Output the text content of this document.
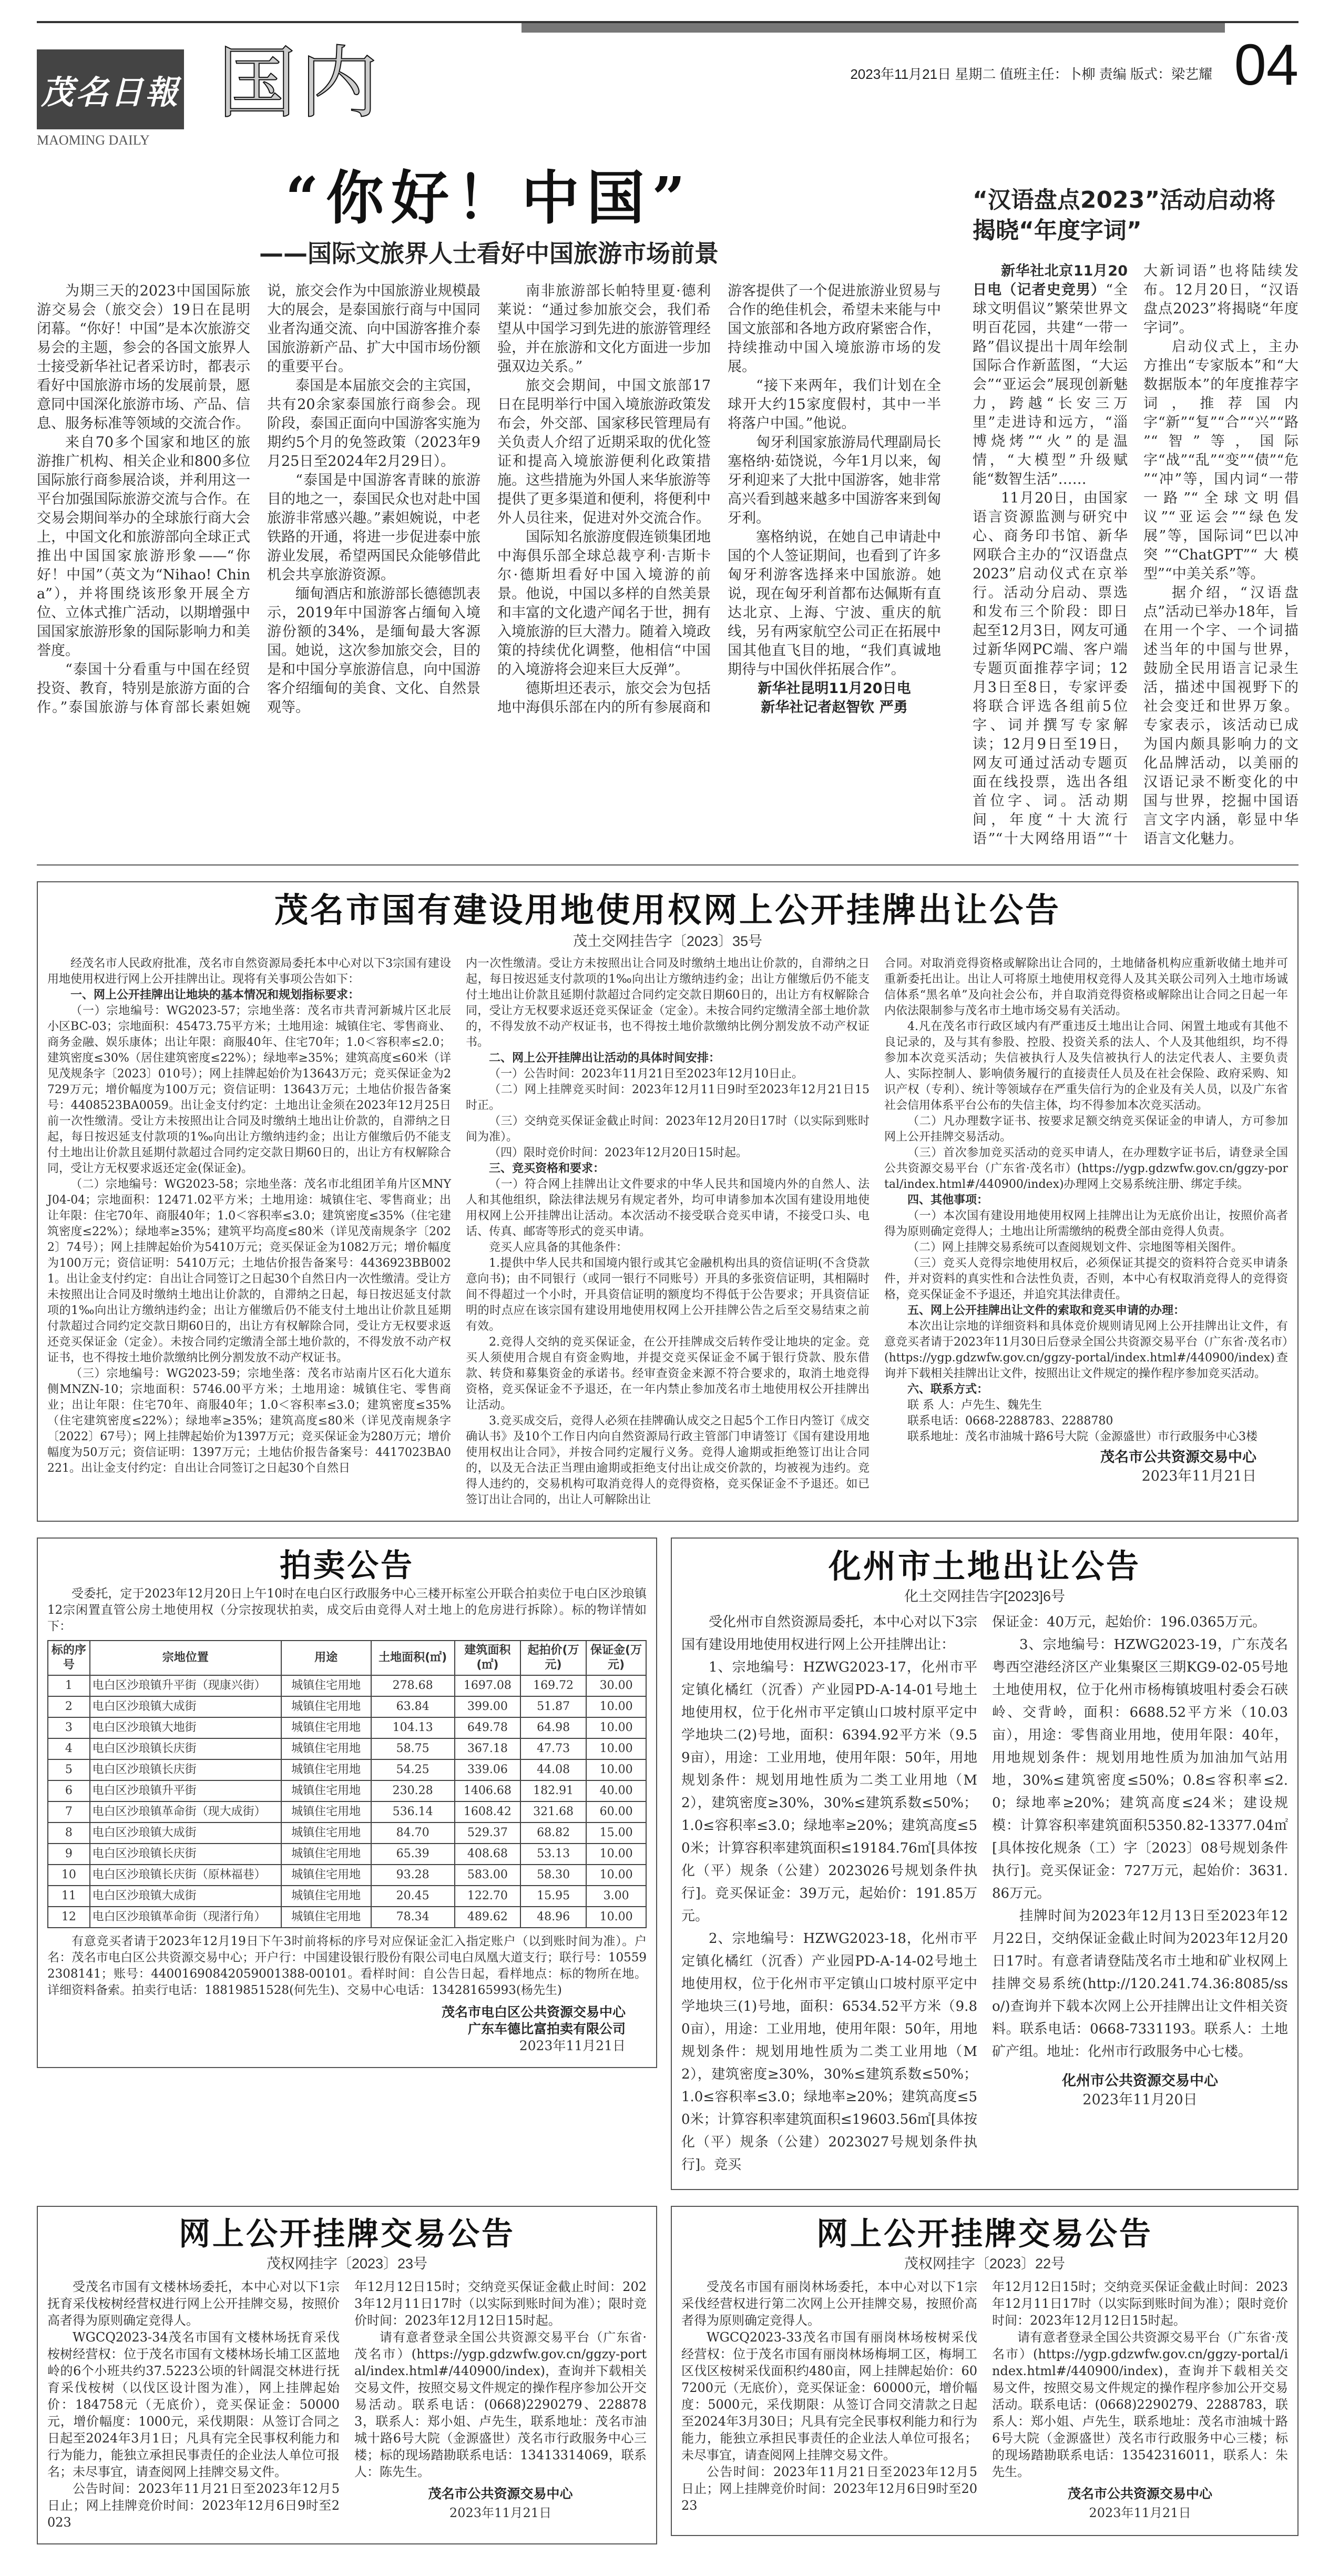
茂名日報
MAOMING DAILY
国内	2023年11月21日 星期二 值班主任：卜柳 责编 版式：梁艺耀 04
“你好！中国”
——国际文旅界人士看好中国旅游市场前景

为期三天的2023中国国际旅游交易会（旅交会）19日在昆明闭幕。“你好！中国”是本次旅游交易会的主题，参会的各国文旅界人士接受新华社记者采访时，都表示看好中国旅游市场的发展前景，愿意同中国深化旅游市场、产品、信息、服务标准等领域的交流合作。

来自70多个国家和地区的旅游推广机构、相关企业和800多位国际旅行商参展洽谈，并利用这一平台加强国际旅游交流与合作。在交易会期间举办的全球旅行商大会上，中国文化和旅游部向全球正式推出中国国家旅游形象——“你好！中国”（英文为“Nihao! China”），并将围绕该形象开展全方位、立体式推广活动，以期增强中国国家旅游形象的国际影响力和美誉度。

“泰国十分看重与中国在经贸投资、教育，特别是旅游方面的合作。”泰国旅游与体育部长素妲婉说，旅交会作为中国旅游业规模最大的展会，是泰国旅行商与中国同业者沟通交流、向中国游客推介泰国旅游新产品、扩大中国市场份额的重要平台。

泰国是本届旅交会的主宾国，共有20余家泰国旅行商参会。现阶段，泰国正面向中国游客实施为期约5个月的免签政策（2023年9月25日至2024年2月29日）。

“泰国是中国游客青睐的旅游目的地之一，泰国民众也对赴中国旅游非常感兴趣。”素妲婉说，中老铁路的开通，将进一步促进泰中旅游业发展，希望两国民众能够借此机会共享旅游资源。

缅甸酒店和旅游部长德德凯表示，2019年中国游客占缅甸入境游份额的34%，是缅甸最大客源国。她说，这次参加旅交会，目的是和中国分享旅游信息，向中国游客介绍缅甸的美食、文化、自然景观等。

南非旅游部长帕特里夏·德利莱说：“通过参加旅交会，我们希望从中国学习到先进的旅游管理经验，并在旅游和文化方面进一步加强双边关系。”

旅交会期间，中国文旅部17日在昆明举行中国入境旅游政策发布会，外交部、国家移民管理局有关负责人介绍了近期采取的优化签证和提高入境旅游便利化政策措施。这些措施为外国人来华旅游等提供了更多渠道和便利，将便利中外人员往来，促进对外交流合作。

国际知名旅游度假连锁集团地中海俱乐部全球总裁亨利·吉斯卡尔·德斯坦看好中国入境游的前景。他说，中国以多样的自然美景和丰富的文化遗产闻名于世，拥有入境旅游的巨大潜力。随着入境政策的持续优化调整，他相信“中国的入境游将会迎来巨大反弹”。

德斯坦还表示，旅交会为包括地中海俱乐部在内的所有参展商和游客提供了一个促进旅游业贸易与合作的绝佳机会，希望未来能与中国文旅部和各地方政府紧密合作，持续推动中国入境旅游市场的发展。

“接下来两年，我们计划在全球开大约15家度假村，其中一半将落户中国。”他说。

匈牙利国家旅游局代理副局长塞格纳·茹饶说，今年1月以来，匈牙利迎来了大批中国游客，她非常高兴看到越来越多中国游客来到匈牙利。

塞格纳说，在她自己申请赴中国的个人签证期间，也看到了许多匈牙利游客选择来中国旅游。她说，现在匈牙利首都布达佩斯有直达北京、上海、宁波、重庆的航线，另有两家航空公司正在拓展中国其他直飞目的地，“我们真诚地期待与中国伙伴拓展合作”。

新华社昆明11月20日电

新华社记者赵智钦 严勇

“汉语盘点2023”活动启动将揭晓“年度字词”

新华社北京11月20日电（记者史竞男）“全球文明倡议”繁荣世界文明百花园，共建“一带一路”倡议提出十周年绘制国际合作新蓝图，“大运会”“亚运会”展现创新魅力，跨越“长安三万里”走进诗和远方，“淄博烧烤”“火”的是温情，“大模型”升级赋能“数智生活”……

11月20日，由国家语言资源监测与研究中心、商务印书馆、新华网联合主办的“汉语盘点2023”启动仪式在京举行。活动分启动、票选和发布三个阶段：即日起至12月3日，网友可通过新华网PC端、客户端专题页面推荐字词；12月3日至8日，专家评委将联合评选各组前5位字、词并撰写专家解读；12月9日至19日，网友可通过活动专题页面在线投票，选出各组首位字、词。活动期间，年度“十大流行语”“十大网络用语”“十大新词语”也将陆续发布。12月20日，“汉语盘点2023”将揭晓“年度字词”。

启动仪式上，主办方推出“专家版本”和“大数据版本”的年度推荐字词，推荐国内字“新”“复”“合”“兴”“路”“智”等，国际字“战”“乱”“变”“债”“危”“冲”等，国内词“一带一路”“全球文明倡议”“亚运会”“绿色发展”等，国际词“巴以冲突”“ChatGPT”“大模型”“中美关系”等。

据介绍，“汉语盘点”活动已举办18年，旨在用一个字、一个词描述当年的中国与世界，鼓励全民用语言记录生活，描述中国视野下的社会变迁和世界万象。专家表示，该活动已成为国内颇具影响力的文化品牌活动，以美丽的汉语记录不断变化的中国与世界，挖掘中国语言文字内涵，彰显中华语言文化魅力。

茂名市国有建设用地使用权网上公开挂牌出让公告
茂土交网挂告字〔2023〕35号

经茂名市人民政府批准，茂名市自然资源局委托本中心对以下3宗国有建设用地使用权进行网上公开挂牌出让。现将有关事项公告如下：

一、网上公开挂牌出让地块的基本情况和规划指标要求：

（一）宗地编号：WG2023-57；宗地坐落：茂名市共青河新城片区北辰小区BC-03；宗地面积：45473.75平方米；土地用途：城镇住宅、零售商业、商务金融、娱乐康体；出让年限：商服40年、住宅70年；1.0＜容积率≤2.0；建筑密度≤30%（居住建筑密度≤22%）；绿地率≥35%；建筑高度≤60米（详见茂规条字〔2023〕010号）；网上挂牌起始价为13643万元；竞买保证金为2729万元；增价幅度为100万元；资信证明：13643万元；土地估价报告备案号：4408523BA0059。出让金支付约定：土地出让金须在2023年12月25日前一次性缴清。受让方未按照出让合同及时缴纳土地出让价款的，自滞纳之日起，每日按迟延支付款项的1‰向出让方缴纳违约金；出让方催缴后仍不能支付土地出让价款且延期付款超过合同约定交款日期60日的，出让方有权解除合同，受让方无权要求返还定金(保证金)。

（二）宗地编号：WG2023-58；宗地坐落：茂名市北组团羊角片区MNYJ04-04；宗地面积：12471.02平方米；土地用途：城镇住宅、零售商业；出让年限：住宅70年、商服40年；1.0＜容积率≤3.0；建筑密度≤35%（住宅建筑密度≤22%）；绿地率≥35%；建筑平均高度≤80米（详见茂南规条字〔2022〕74号）；网上挂牌起始价为5410万元；竞买保证金为1082万元；增价幅度为100万元；资信证明：5410万元；土地估价报告备案号：4436923BB0021。出让金支付约定：自出让合同签订之日起30个自然日内一次性缴清。受让方未按照出让合同及时缴纳土地出让价款的，自滞纳之日起，每日按迟延支付款项的1‰向出让方缴纳违约金；出让方催缴后仍不能支付土地出让价款且延期付款超过合同约定交款日期60日的，出让方有权解除合同，受让方无权要求返还竞买保证金（定金）。未按合同约定缴清全部土地价款的，不得发放不动产权证书，也不得按土地价款缴纳比例分割发放不动产权证书。

（三）宗地编号：WG2023-59；宗地坐落：茂名市站南片区石化大道东侧MNZN-10；宗地面积：5746.00平方米；土地用途：城镇住宅、零售商业；出让年限：住宅70年、商服40年；1.0＜容积率≤3.0；建筑密度≤35%（住宅建筑密度≤22%）；绿地率≥35%；建筑高度≤80米（详见茂南规条字〔2022〕67号）；网上挂牌起始价为1397万元；竞买保证金为280万元；增价幅度为50万元；资信证明：1397万元；土地估价报告备案号：4417023BA0221。出让金支付约定：自出让合同签订之日起30个自然日

内一次性缴清。受让方未按照出让合同及时缴纳土地出让价款的，自滞纳之日起，每日按迟延支付款项的1‰向出让方缴纳违约金；出让方催缴后仍不能支付土地出让价款且延期付款超过合同约定交款日期60日的，出让方有权解除合同，受让方无权要求返还竞买保证金（定金）。未按合同约定缴清全部土地价款的，不得发放不动产权证书，也不得按土地价款缴纳比例分割发放不动产权证书。

二、网上公开挂牌出让活动的具体时间安排：

（一）公告时间：2023年11月21日至2023年12月10日止。

（二）网上挂牌竞买时间：2023年12月11日9时至2023年12月21日15时正。

（三）交纳竞买保证金截止时间：2023年12月20日17时（以实际到账时间为准）。

（四）限时竞价时间：2023年12月20日15时起。

三、竞买资格和要求：

（一）符合网上挂牌出让文件要求的中华人民共和国境内外的自然人、法人和其他组织，除法律法规另有规定者外，均可申请参加本次国有建设用地使用权网上公开挂牌出让活动。本次活动不接受联合竞买申请，不接受口头、电话、传真、邮寄等形式的竞买申请。

竞买人应具备的其他条件：

1.提供中华人民共和国境内银行或其它金融机构出具的资信证明(不含贷款意向书)；由不同银行（或同一银行不同账号）开具的多张资信证明，其相隔时间不得超过一个小时，开具资信证明的额度均不得低于公告要求；开具资信证明的时点应在该宗国有建设用地使用权网上公开挂牌公告之后至交易结束之前有效。

2.竞得人交纳的竞买保证金，在公开挂牌成交后转作受让地块的定金。竞买人须使用合规自有资金购地，并提交竞买保证金不属于银行贷款、股东借款、转贷和募集资金的承诺书。经审查资金来源不符合要求的，取消土地竞得资格，竞买保证金不予退还，在一年内禁止参加茂名市土地使用权公开挂牌出让活动。

3.竞买成交后，竞得人必须在挂牌确认成交之日起5个工作日内签订《成交确认书》及10个工作日内向自然资源局行政主管部门申请签订《国有建设用地使用权出让合同》，并按合同约定履行义务。竞得人逾期或拒绝签订出让合同的，以及无合法正当理由逾期或拒绝支付出让成交价款的，均被视为违约。竞得人违约的，交易机构可取消竞得人的竞得资格，竞买保证金不予退还。如已签订出让合同的，出让人可解除出让

合同。对取消竞得资格或解除出让合同的，土地储备机构应重新收储土地并可重新委托出让。出让人可将原土地使用权竞得人及其关联公司列入土地市场诚信体系“黑名单”及向社会公布，并自取消竞得资格或解除出让合同之日起一年内依法限制参与茂名市土地市场交易有关活动。

4.凡在茂名市行政区域内有严重违反土地出让合同、闲置土地或有其他不良记录的，及与其有参股、控股、投资关系的法人、个人及其他组织，均不得参加本次竞买活动；失信被执行人及失信被执行人的法定代表人、主要负责人、实际控制人、影响债务履行的直接责任人员及在社会保险、政府采购、知识产权（专利）、统计等领域存在严重失信行为的企业及有关人员，以及广东省社会信用体系平台公布的失信主体，均不得参加本次竞买活动。

（二）凡办理数字证书、按要求足额交纳竞买保证金的申请人，方可参加网上公开挂牌交易活动。

（三）首次参加竞买活动的竞买申请人，在办理数字证书后，请登录全国公共资源交易平台（广东省·茂名市）(https://ygp.gdzwfw.gov.cn/ggzy-portal/index.html#/440900/index)办理网上交易系统注册、绑定手续。

四、其他事项：

（一）本次国有建设用地使用权网上挂牌出让为无底价出让，按照价高者得为原则确定竞得人；土地出让所需缴纳的税费全部由竞得人负责。

（二）网上挂牌交易系统可以查阅规划文件、宗地图等相关图件。

（三）竞买人竞得宗地使用权后，必须保证其提交的资料符合竞买申请条件，并对资料的真实性和合法性负责，否则，本中心有权取消竞得人的竞得资格，竞买保证金不予退还，并追究其法律责任。

五、网上公开挂牌出让文件的索取和竞买申请的办理：

本次出让宗地的详细资料和具体竞价规则请见网上公开挂牌出让文件，有意竞买者请于2023年11月30日后登录全国公共资源交易平台（广东省·茂名市）(https://ygp.gdzwfw.gov.cn/ggzy-portal/index.html#/440900/index)查询并下载相关挂牌出让文件，按照出让文件规定的操作程序参加竞买活动。

六、联系方式：

联 系 人：卢先生、魏先生

联系电话：0668-2288783、2288780

联系地址：茂名市油城十路6号大院（金源盛世）市行政服务中心3楼

茂名市公共资源交易中心
2023年11月21日
拍卖公告

受委托，定于2023年12月20日上午10时在电白区行政服务中心三楼开标室公开联合拍卖位于电白区沙琅镇12宗闲置直管公房土地使用权（分宗按现状拍卖，成交后由竞得人对土地上的危房进行拆除）。标的物详情如下：

标的序号	宗地位置	用途	土地面积(㎡)	建筑面积(㎡)	起拍价(万元)	保证金(万元)
1	电白区沙琅镇升平街（现康兴街）	城镇住宅用地	278.68	1697.08	169.72	30.00
2	电白区沙琅镇大成街	城镇住宅用地	63.84	399.00	51.87	10.00
3	电白区沙琅镇大地街	城镇住宅用地	104.13	649.78	64.98	10.00
4	电白区沙琅镇长庆街	城镇住宅用地	58.75	367.18	47.73	10.00
5	电白区沙琅镇长庆街	城镇住宅用地	54.25	339.06	44.08	10.00
6	电白区沙琅镇升平街	城镇住宅用地	230.28	1406.68	182.91	40.00
7	电白区沙琅镇革命街（现大成街）	城镇住宅用地	536.14	1608.42	321.68	60.00
8	电白区沙琅镇大成街	城镇住宅用地	84.70	529.37	68.82	15.00
9	电白区沙琅镇长庆街	城镇住宅用地	65.39	408.68	53.13	10.00
10	电白区沙琅镇长庆街（原林福巷）	城镇住宅用地	93.28	583.00	58.30	10.00
11	电白区沙琅镇大成街	城镇住宅用地	20.45	122.70	15.95	3.00
12	电白区沙琅镇革命街（现渚行角）	城镇住宅用地	78.34	489.62	48.96	10.00

有意竞买者请于2023年12月19日下午3时前将标的序号对应保证金汇入指定账户（以到账时间为准）。户名：茂名市电白区公共资源交易中心；开户行：中国建设银行股份有限公司电白凤凰大道支行；联行号：105592308141；账号：44001690842059001388-00101。看样时间：自公告日起，看样地点：标的物所在地。详细资料备索。拍卖行电话：18819851528(何先生)、交易中心电话：13428165993(杨先生)

茂名市电白区公共资源交易中心
广东车德比富拍卖有限公司
2023年11月21日
化州市土地出让公告
化土交网挂告字[2023]6号

受化州市自然资源局委托，本中心对以下3宗国有建设用地使用权进行网上公开挂牌出让：

1、宗地编号：HZWG2023-17，化州市平定镇化橘红（沉香）产业园PD-A-14-01号地土地使用权，位于化州市平定镇山口坡村原平定中学地块二(2)号地，面积：6394.92平方米（9.59亩），用途：工业用地，使用年限：50年，用地规划条件：规划用地性质为二类工业用地（M2），建筑密度≥30%，30%≤建筑系数≤50%；1.0≤容积率≤3.0；绿地率≥20%；建筑高度≤50米；计算容积率建筑面积≤19184.76㎡[具体按化（平）规条（公建）2023026号规划条件执行]。竞买保证金：39万元，起始价：191.85万元。

2、宗地编号：HZWG2023-18，化州市平定镇化橘红（沉香）产业园PD-A-14-02号地土地使用权，位于化州市平定镇山口坡村原平定中学地块三(1)号地，面积：6534.52平方米（9.80亩），用途：工业用地，使用年限：50年，用地规划条件：规划用地性质为二类工业用地（M2），建筑密度≥30%，30%≤建筑系数≤50%；1.0≤容积率≤3.0；绿地率≥20%；建筑高度≤50米；计算容积率建筑面积≤19603.56㎡[具体按化（平）规条（公建）2023027号规划条件执行]。竞买

保证金：40万元，起始价：196.0365万元。

3、宗地编号：HZWG2023-19，广东茂名粤西空港经济区产业集聚区三期KG9-02-05号地土地使用权，位于化州市杨梅镇坡咀村委会石硖岭、交背岭，面积：6688.52平方米（10.03亩），用途：零售商业用地，使用年限：40年，用地规划条件：规划用地性质为加油加气站用地，30%≤建筑密度≤50%；0.8≤容积率≤2.0；绿地率≥20%；建筑高度≤24米；建设规模：计算容积率建筑面积5350.82-13377.04㎡[具体按化规条（工）字〔2023〕08号规划条件执行]。竞买保证金：727万元，起始价：3631.86万元。

挂牌时间为2023年12月13日至2023年12月22日，交纳保证金截止时间为2023年12月20日17时。有意者请登陆茂名市土地和矿业权网上挂牌交易系统(http://120.241.74.36:8085/sso/)查询并下载本次网上公开挂牌出让文件相关资料。联系电话：0668-7331193。联系人：土地矿产组。地址：化州市行政服务中心七楼。

化州市公共资源交易中心
2023年11月20日
网上公开挂牌交易公告
茂权网挂字〔2023〕23号

受茂名市国有文楼林场委托，本中心对以下1宗抚育采伐桉树经营权进行网上公开挂牌交易，按照价高者得为原则确定竞得人。

WGCQ2023-34茂名市国有文楼林场抚育采伐桉树经营权：位于茂名市国有文楼林场长埔工区蓝地岭的6个小班共约37.5223公顷的针阔混交林进行抚育采伐桉树（以伐区设计图为准），网上挂牌起始价：184758元（无底价），竞买保证金：50000元，增价幅度：1000元，采伐期限：从签订合同之日起至2024年3月1日；凡具有完全民事权利能力和行为能力，能独立承担民事责任的企业法人单位可报名；未尽事宜，请查阅网上挂牌交易文件。

公告时间：2023年11月21日至2023年12月5日止；网上挂牌竞价时间：2023年12月6日9时至2023

年12月12日15时；交纳竞买保证金截止时间：2023年12月11日17时（以实际到账时间为准）；限时竞价时间：2023年12月12日15时起。

请有意者登录全国公共资源交易平台（广东省·茂名市）(https://ygp.gdzwfw.gov.cn/ggzy-portal/index.html#/440900/index)，查询并下载相关交易文件，按照交易文件规定的操作程序参加公开交易活动。联系电话：(0668)2290279、2288783，联系人：郑小姐、卢先生，联系地址：茂名市油城十路6号大院（金源盛世）茂名市行政服务中心三楼；标的现场踏勘联系电话：13413314069，联系人：陈先生。

茂名市公共资源交易中心
2023年11月21日
网上公开挂牌交易公告
茂权网挂字〔2023〕22号

受茂名市国有丽岗林场委托，本中心对以下1宗采伐经营权进行第二次网上公开挂牌交易，按照价高者得为原则确定竞得人。

WGCQ2023-33茂名市国有丽岗林场桉树采伐经营权：位于茂名市国有丽岗林场梅垌工区，梅垌工区伐区桉树采伐面积约480亩，网上挂牌起始价：607200元（无底价），竞买保证金：60000元，增价幅度：5000元，采伐期限：从签订合同交清款之日起至2024年3月30日；凡具有完全民事权利能力和行为能力，能独立承担民事责任的企业法人单位可报名；未尽事宜，请查阅网上挂牌交易文件。

公告时间：2023年11月21日至2023年12月5日止；网上挂牌竞价时间：2023年12月6日9时至2023

年12月12日15时；交纳竞买保证金截止时间：2023年12月11日17时（以实际到账时间为准）；限时竞价时间：2023年12月12日15时起。

请有意者登录全国公共资源交易平台（广东省·茂名市）(https://ygp.gdzwfw.gov.cn/ggzy-portal/index.html#/440900/index)，查询并下载相关交易文件，按照交易文件规定的操作程序参加公开交易活动。联系电话：(0668)2290279、2288783，联系人：郑小姐、卢先生，联系地址：茂名市油城十路6号大院（金源盛世）茂名市行政服务中心三楼；标的现场踏勘联系电话：13542316011，联系人：朱先生。

茂名市公共资源交易中心
2023年11月21日
